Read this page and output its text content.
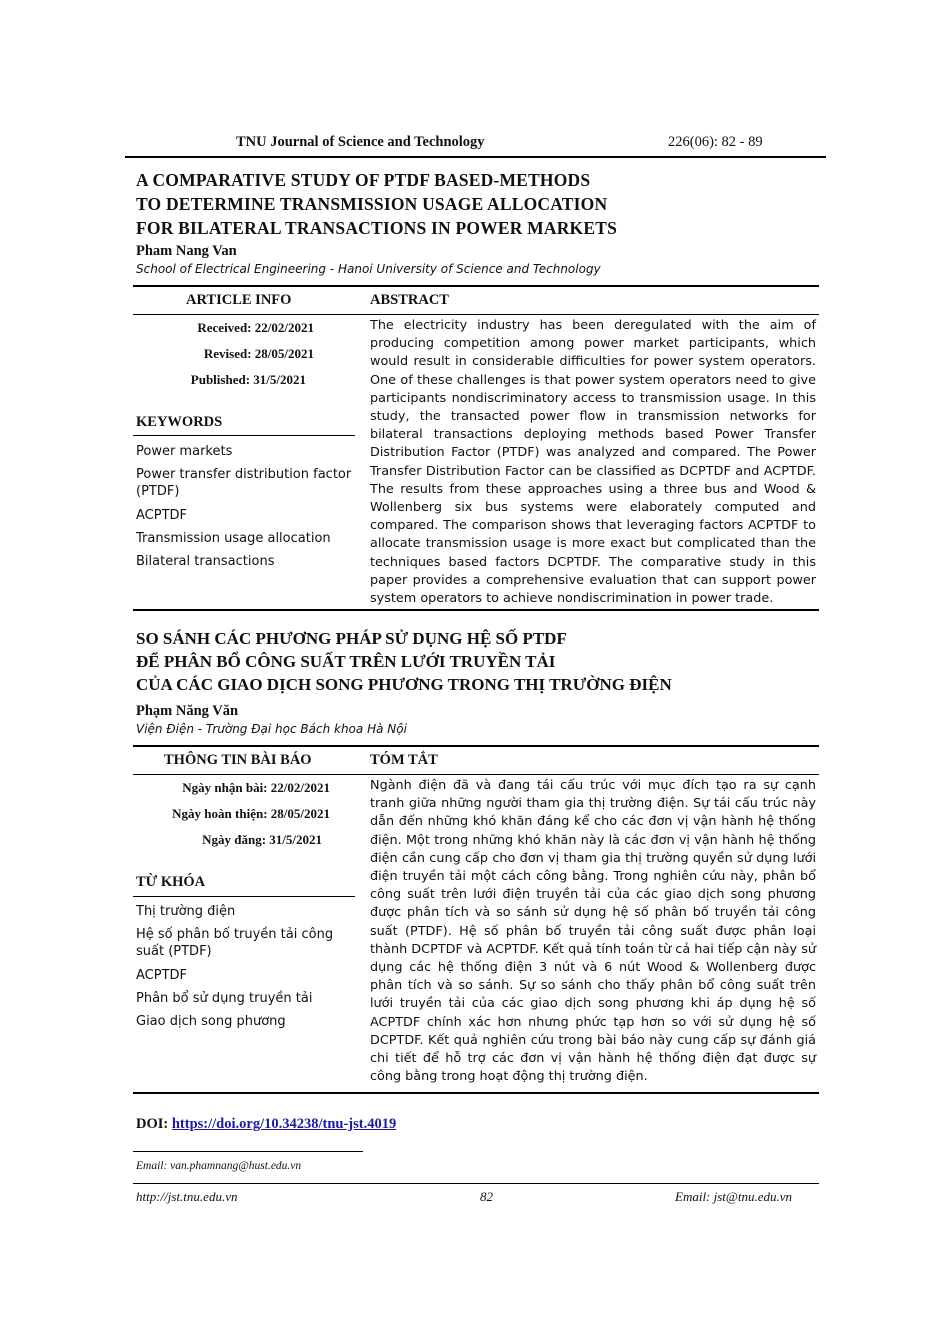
TNU Journal of Science and Technology	226(06): 82 - 89
A COMPARATIVE STUDY OF PTDF BASED-METHODS
TO DETERMINE TRANSMISSION USAGE ALLOCATION
FOR BILATERAL TRANSACTIONS IN POWER MARKETS
Pham Nang Van
School of Electrical Engineering - Hanoi University of Science and Technology
ARTICLE INFO	ABSTRACT
Received: 22/02/2021
Revised: 28/05/2021
Published: 31/5/2021
KEYWORDS
Power markets
Power transfer distribution factor (PTDF)
ACPTDF
Transmission usage allocation
Bilateral transactions
The electricity industry has been deregulated with the aim of producing competition among power market participants, which would result in considerable difficulties for power system operators. One of these challenges is that power system operators need to give participants nondiscriminatory access to transmission usage. In this study, the transacted power flow in transmission networks for bilateral transactions deploying methods based Power Transfer Distribution Factor (PTDF) was analyzed and compared. The Power Transfer Distribution Factor can be classified as DCPTDF and ACPTDF. The results from these approaches using a three bus and Wood & Wollenberg six bus systems were elaborately computed and compared. The comparison shows that leveraging factors ACPTDF to allocate transmission usage is more exact but complicated than the techniques based factors DCPTDF. The comparative study in this paper provides a comprehensive evaluation that can support power system operators to achieve nondiscrimination in power trade.
SO SÁNH CÁC PHƯƠNG PHÁP SỬ DỤNG HỆ SỐ PTDF
ĐỂ PHÂN BỔ CÔNG SUẤT TRÊN LƯỚI TRUYỀN TẢI
CỦA CÁC GIAO DỊCH SONG PHƯƠNG TRONG THỊ TRƯỜNG ĐIỆN
Phạm Năng Văn
Viện Điện - Trường Đại học Bách khoa Hà Nội
THÔNG TIN BÀI BÁO	TÓM TẮT
Ngày nhận bài: 22/02/2021
Ngày hoàn thiện: 28/05/2021
Ngày đăng: 31/5/2021
TỪ KHÓA
Thị trường điện
Hệ số phân bố truyền tải công suất (PTDF)
ACPTDF
Phân bổ sử dụng truyền tải
Giao dịch song phương
Ngành điện đã và đang tái cấu trúc với mục đích tạo ra sự cạnh tranh giữa những người tham gia thị trường điện. Sự tái cấu trúc này dẫn đến những khó khăn đáng kể cho các đơn vị vận hành hệ thống điện. Một trong những khó khăn này là các đơn vị vận hành hệ thống điện cần cung cấp cho đơn vị tham gia thị trường quyền sử dụng lưới điện truyền tải một cách công bằng. Trong nghiên cứu này, phân bổ công suất trên lưới điện truyền tải của các giao dịch song phương được phân tích và so sánh sử dụng hệ số phân bố truyền tải công suất (PTDF). Hệ số phân bố truyền tải công suất được phân loại thành DCPTDF và ACPTDF. Kết quả tính toán từ cả hai tiếp cận này sử dụng các hệ thống điện 3 nút và 6 nút Wood & Wollenberg được phân tích và so sánh. Sự so sánh cho thấy phân bổ công suất trên lưới truyền tải của các giao dịch song phương khi áp dụng hệ số ACPTDF chính xác hơn nhưng phức tạp hơn so với sử dụng hệ số DCPTDF. Kết quả nghiên cứu trong bài báo này cung cấp sự đánh giá chi tiết để hỗ trợ các đơn vị vận hành hệ thống điện đạt được sự công bằng trong hoạt động thị trường điện.
DOI: https://doi.org/10.34238/tnu-jst.4019
Email: van.phamnang@hust.edu.vn
http://jst.tnu.edu.vn	82	Email: jst@tnu.edu.vn
